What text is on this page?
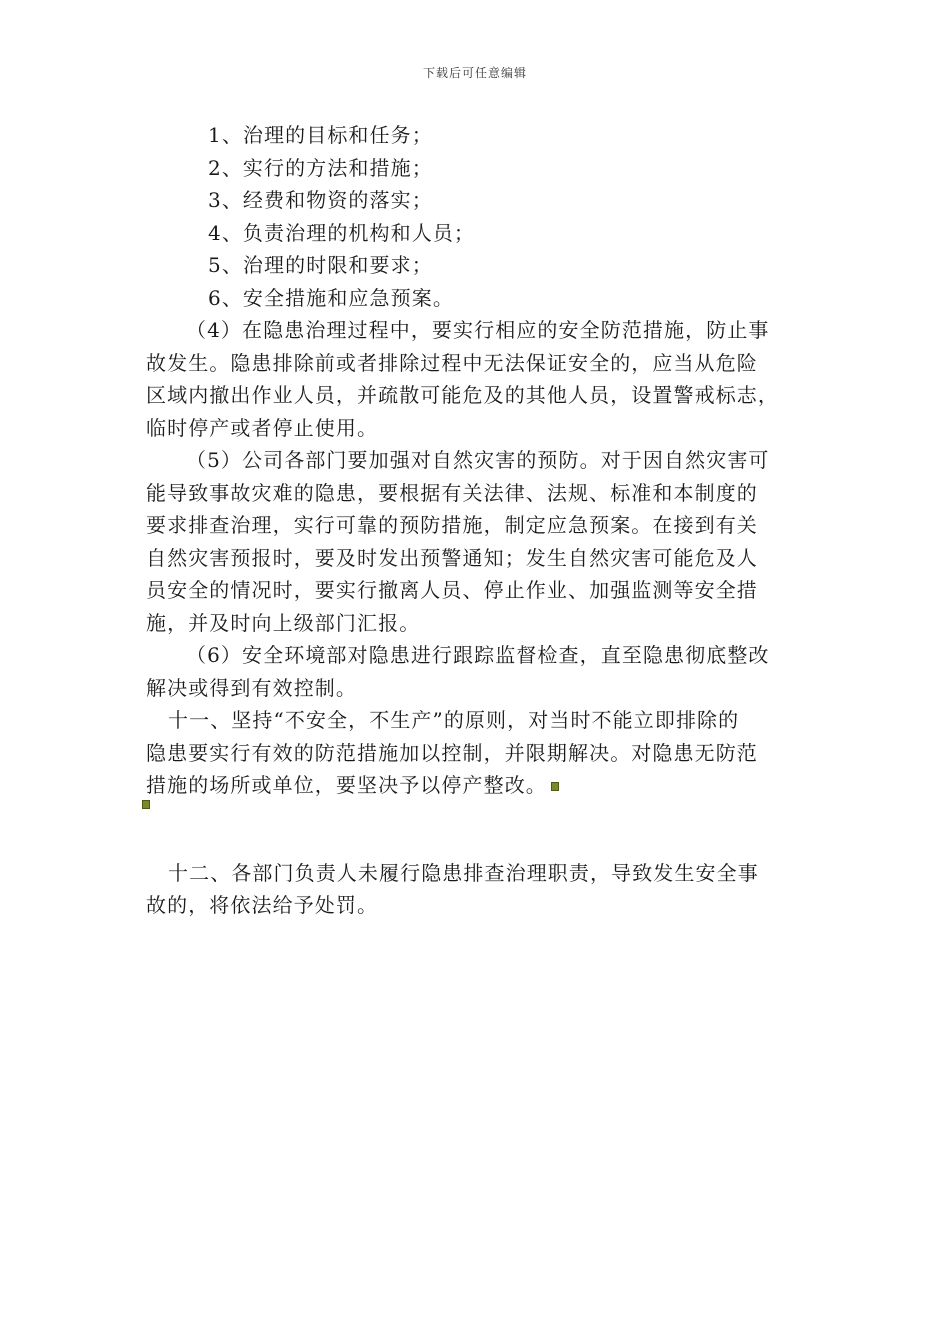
下载后可任意编辑
1、治理的目标和任务；
2、实行的方法和措施；
3、经费和物资的落实；
4、负责治理的机构和人员；
5、治理的时限和要求；
6、安全措施和应急预案。
（4）在隐患治理过程中，要实行相应的安全防范措施，防止事
故发生。隐患排除前或者排除过程中无法保证安全的，应当从危险
区域内撤出作业人员，并疏散可能危及的其他人员，设置警戒标志，
临时停产或者停止使用。
（5）公司各部门要加强对自然灾害的预防。对于因自然灾害可
能导致事故灾难的隐患，要根据有关法律、法规、标准和本制度的
要求排查治理，实行可靠的预防措施，制定应急预案。在接到有关
自然灾害预报时，要及时发出预警通知；发生自然灾害可能危及人
员安全的情况时，要实行撤离人员、停止作业、加强监测等安全措
施，并及时向上级部门汇报。
（6）安全环境部对隐患进行跟踪监督检查，直至隐患彻底整改
解决或得到有效控制。
十一、坚持“不安全，不生产”的原则，对当时不能立即排除的
隐患要实行有效的防范措施加以控制，并限期解决。对隐患无防范
措施的场所或单位，要坚决予以停产整改。
十二、各部门负责人未履行隐患排查治理职责，导致发生安全事
故的，将依法给予处罚。
